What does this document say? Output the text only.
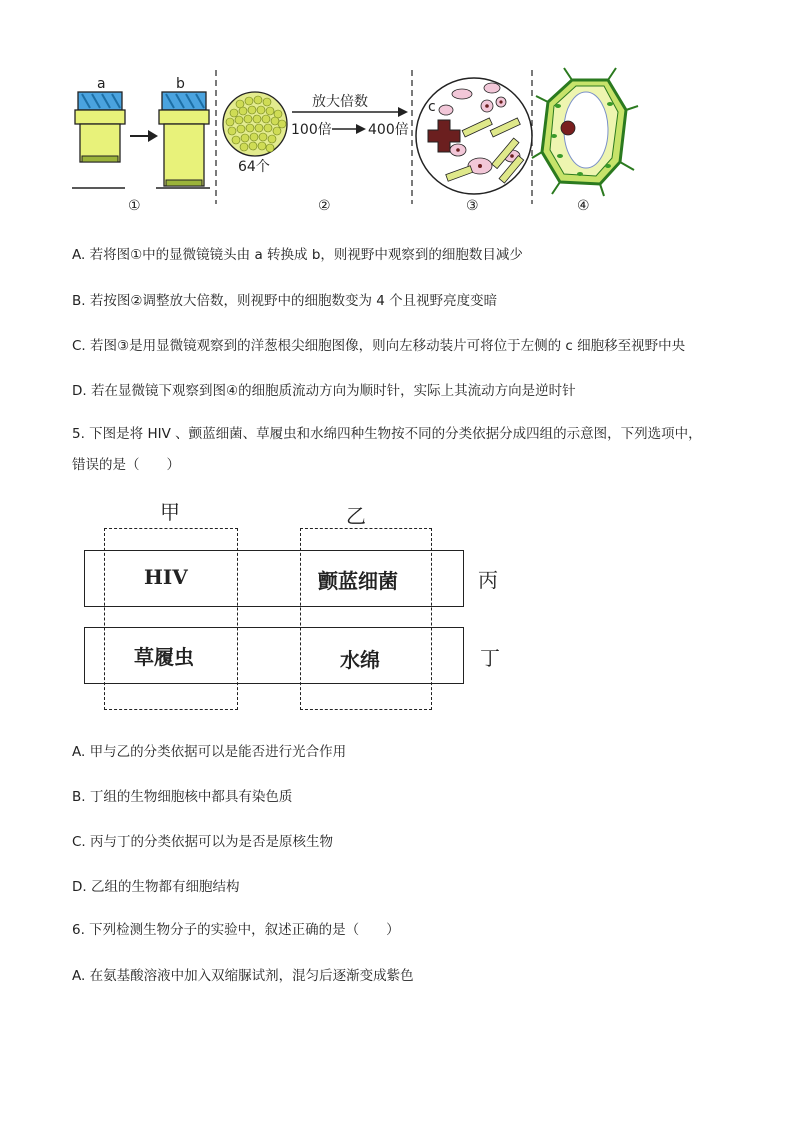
a	b
64个
放大倍数
100倍	400倍
c
①	②	③	④
A. 若将图①中的显微镜镜头由 a 转换成 b，则视野中观察到的细胞数目减少
B. 若按图②调整放大倍数，则视野中的细胞数变为 4 个且视野亮度变暗
C. 若图③是用显微镜观察到的洋葱根尖细胞图像，则向左移动装片可将位于左侧的 c 细胞移至视野中央
D. 若在显微镜下观察到图④的细胞质流动方向为顺时针，实际上其流动方向是逆时针
5. 下图是将 HIV 、颤蓝细菌、草履虫和水绵四种生物按不同的分类依据分成四组的示意图，下列选项中，
错误的是（　　）
甲	乙
丙
丁
HIV	颤蓝细菌
草履虫	水绵
A. 甲与乙的分类依据可以是能否进行光合作用
B. 丁组的生物细胞核中都具有染色质
C. 丙与丁的分类依据可以为是否是原核生物
D. 乙组的生物都有细胞结构
6. 下列检测生物分子的实验中，叙述正确的是（　　）
A. 在氨基酸溶液中加入双缩脲试剂，混匀后逐渐变成紫色
